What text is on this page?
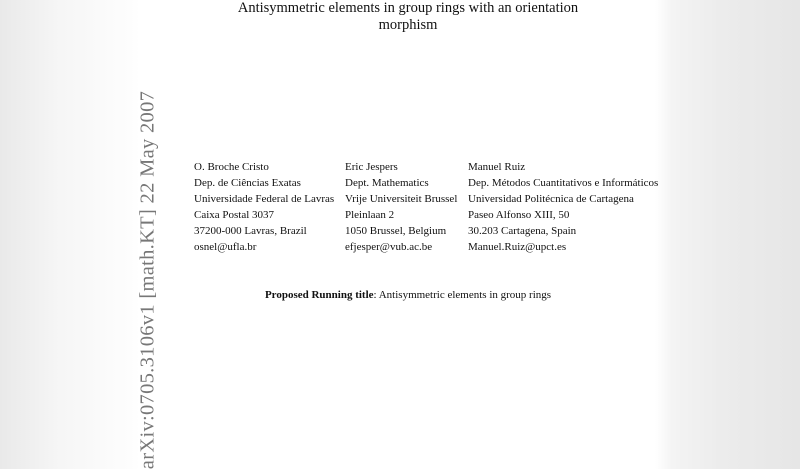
Antisymmetric elements in group rings with an orientation
morphism
arXiv:0705.3106v1 [math.KT] 22 May 2007	O. Broche Cristo
Dep. de Ciências Exatas
Universidade Federal de Lavras
Caixa Postal 3037
37200-000 Lavras, Brazil
osnel@ufla.br
Eric Jespers
Dept. Mathematics
Vrije Universiteit Brussel
Pleinlaan 2
1050 Brussel, Belgium
efjesper@vub.ac.be
Manuel Ruiz
Dep. Métodos Cuantitativos e Informáticos
Universidad Politécnica de Cartagena
Paseo Alfonso XIII, 50
30.203 Cartagena, Spain
Manuel.Ruiz@upct.es
Proposed Running title: Antisymmetric elements in group rings
